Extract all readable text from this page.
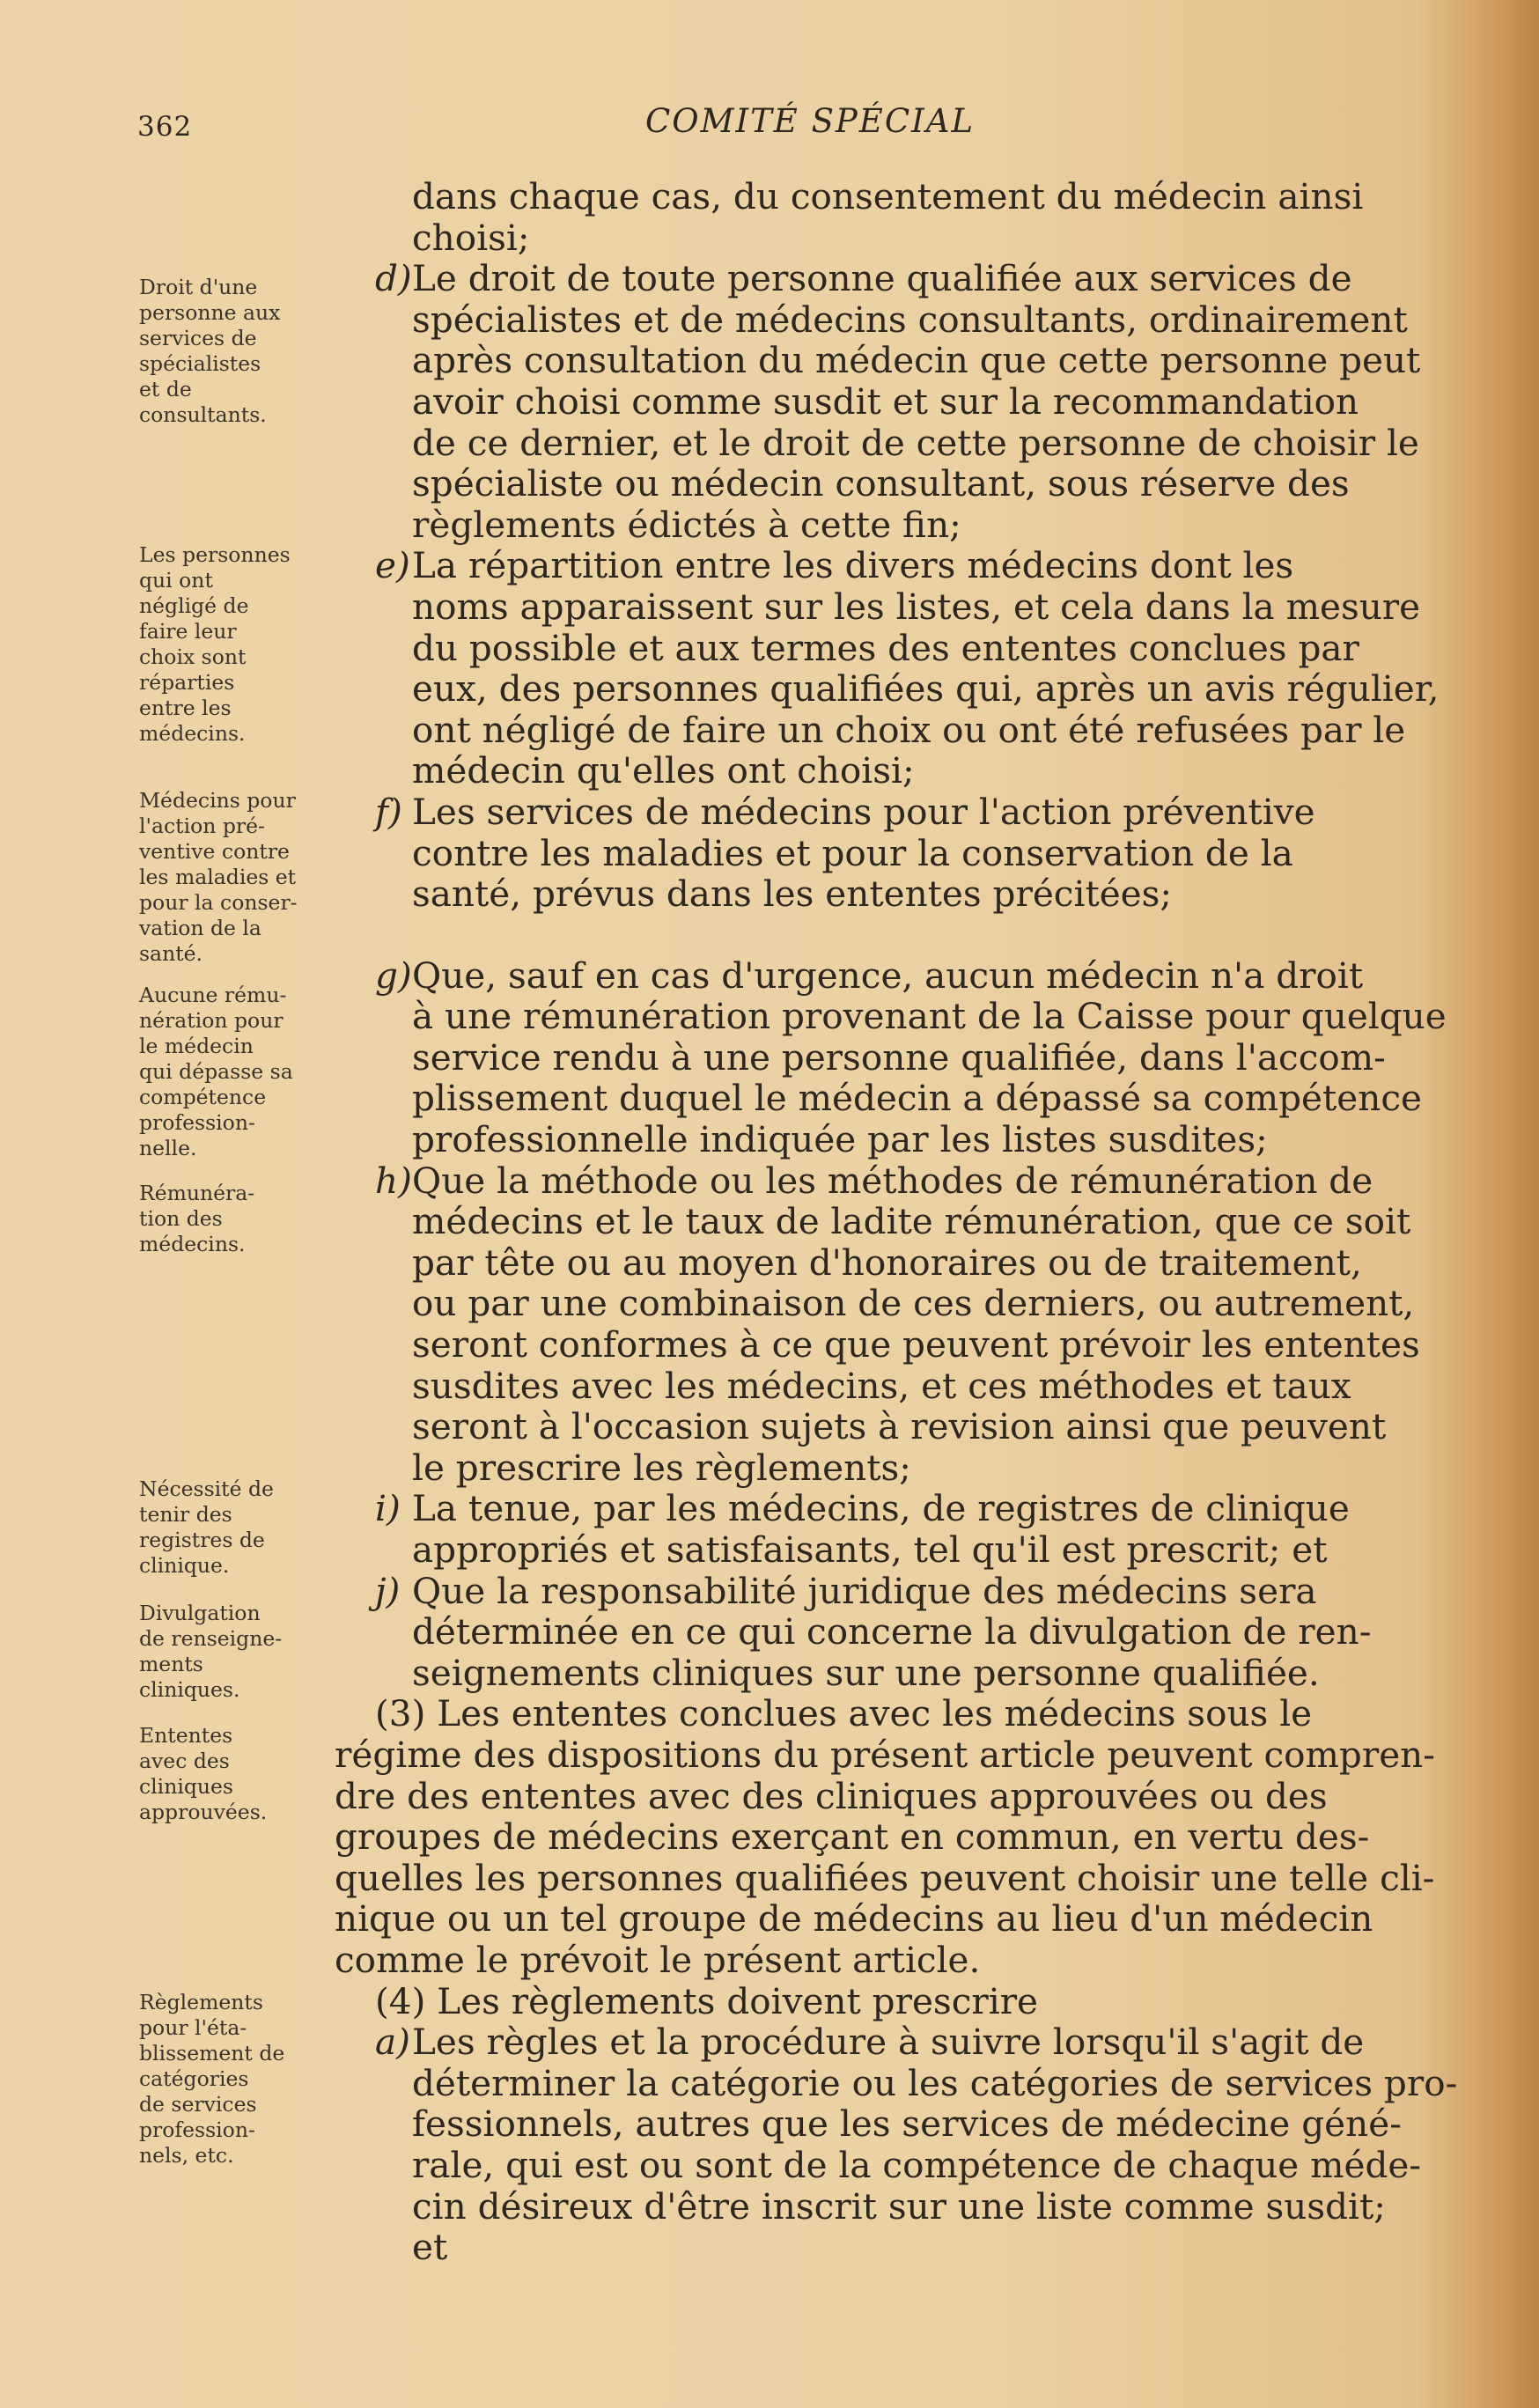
362	COMITÉ SPÉCIAL
Droit d'une
personne aux
services de
spécialistes
et de
consultants.
Les personnes
qui ont
négligé de
faire leur
choix sont
réparties
entre les
médecins.
Médecins pour
l'action pré-
ventive contre
les maladies et
pour la conser-
vation de la
santé.
Aucune rému-
nération pour
le médecin
qui dépasse sa
compétence
profession-
nelle.
Rémunéra-
tion des
médecins.
Nécessité de
tenir des
registres de
clinique.
Divulgation
de renseigne-
ments
cliniques.
Ententes
avec des
cliniques
approuvées.
Règlements
pour l'éta-
blissement de
catégories
de services
profession-
nels, etc.
dans chaque cas, du consentement du médecin ainsi
choisi;
d) Le droit de toute personne qualifiée aux services de
spécialistes et de médecins consultants, ordinairement
après consultation du médecin que cette personne peut
avoir choisi comme susdit et sur la recommandation
de ce dernier, et le droit de cette personne de choisir le
spécialiste ou médecin consultant, sous réserve des
règlements édictés à cette fin;
e) La répartition entre les divers médecins dont les
noms apparaissent sur les listes, et cela dans la mesure
du possible et aux termes des ententes conclues par
eux, des personnes qualifiées qui, après un avis régulier,
ont négligé de faire un choix ou ont été refusées par le
médecin qu'elles ont choisi;
f) Les services de médecins pour l'action préventive
contre les maladies et pour la conservation de la
santé, prévus dans les ententes précitées;
g) Que, sauf en cas d'urgence, aucun médecin n'a droit
à une rémunération provenant de la Caisse pour quelque
service rendu à une personne qualifiée, dans l'accom-
plissement duquel le médecin a dépassé sa compétence
professionnelle indiquée par les listes susdites;
h) Que la méthode ou les méthodes de rémunération de
médecins et le taux de ladite rémunération, que ce soit
par tête ou au moyen d'honoraires ou de traitement,
ou par une combinaison de ces derniers, ou autrement,
seront conformes à ce que peuvent prévoir les ententes
susdites avec les médecins, et ces méthodes et taux
seront à l'occasion sujets à revision ainsi que peuvent
le prescrire les règlements;
i) La tenue, par les médecins, de registres de clinique
appropriés et satisfaisants, tel qu'il est prescrit; et
j) Que la responsabilité juridique des médecins sera
déterminée en ce qui concerne la divulgation de ren-
seignements cliniques sur une personne qualifiée.
(3) Les ententes conclues avec les médecins sous le
régime des dispositions du présent article peuvent compren-
dre des ententes avec des cliniques approuvées ou des
groupes de médecins exerçant en commun, en vertu des-
quelles les personnes qualifiées peuvent choisir une telle cli-
nique ou un tel groupe de médecins au lieu d'un médecin
comme le prévoit le présent article.
(4) Les règlements doivent prescrire
a) Les règles et la procédure à suivre lorsqu'il s'agit de
déterminer la catégorie ou les catégories de services pro-
fessionnels, autres que les services de médecine géné-
rale, qui est ou sont de la compétence de chaque méde-
cin désireux d'être inscrit sur une liste comme susdit;
et
